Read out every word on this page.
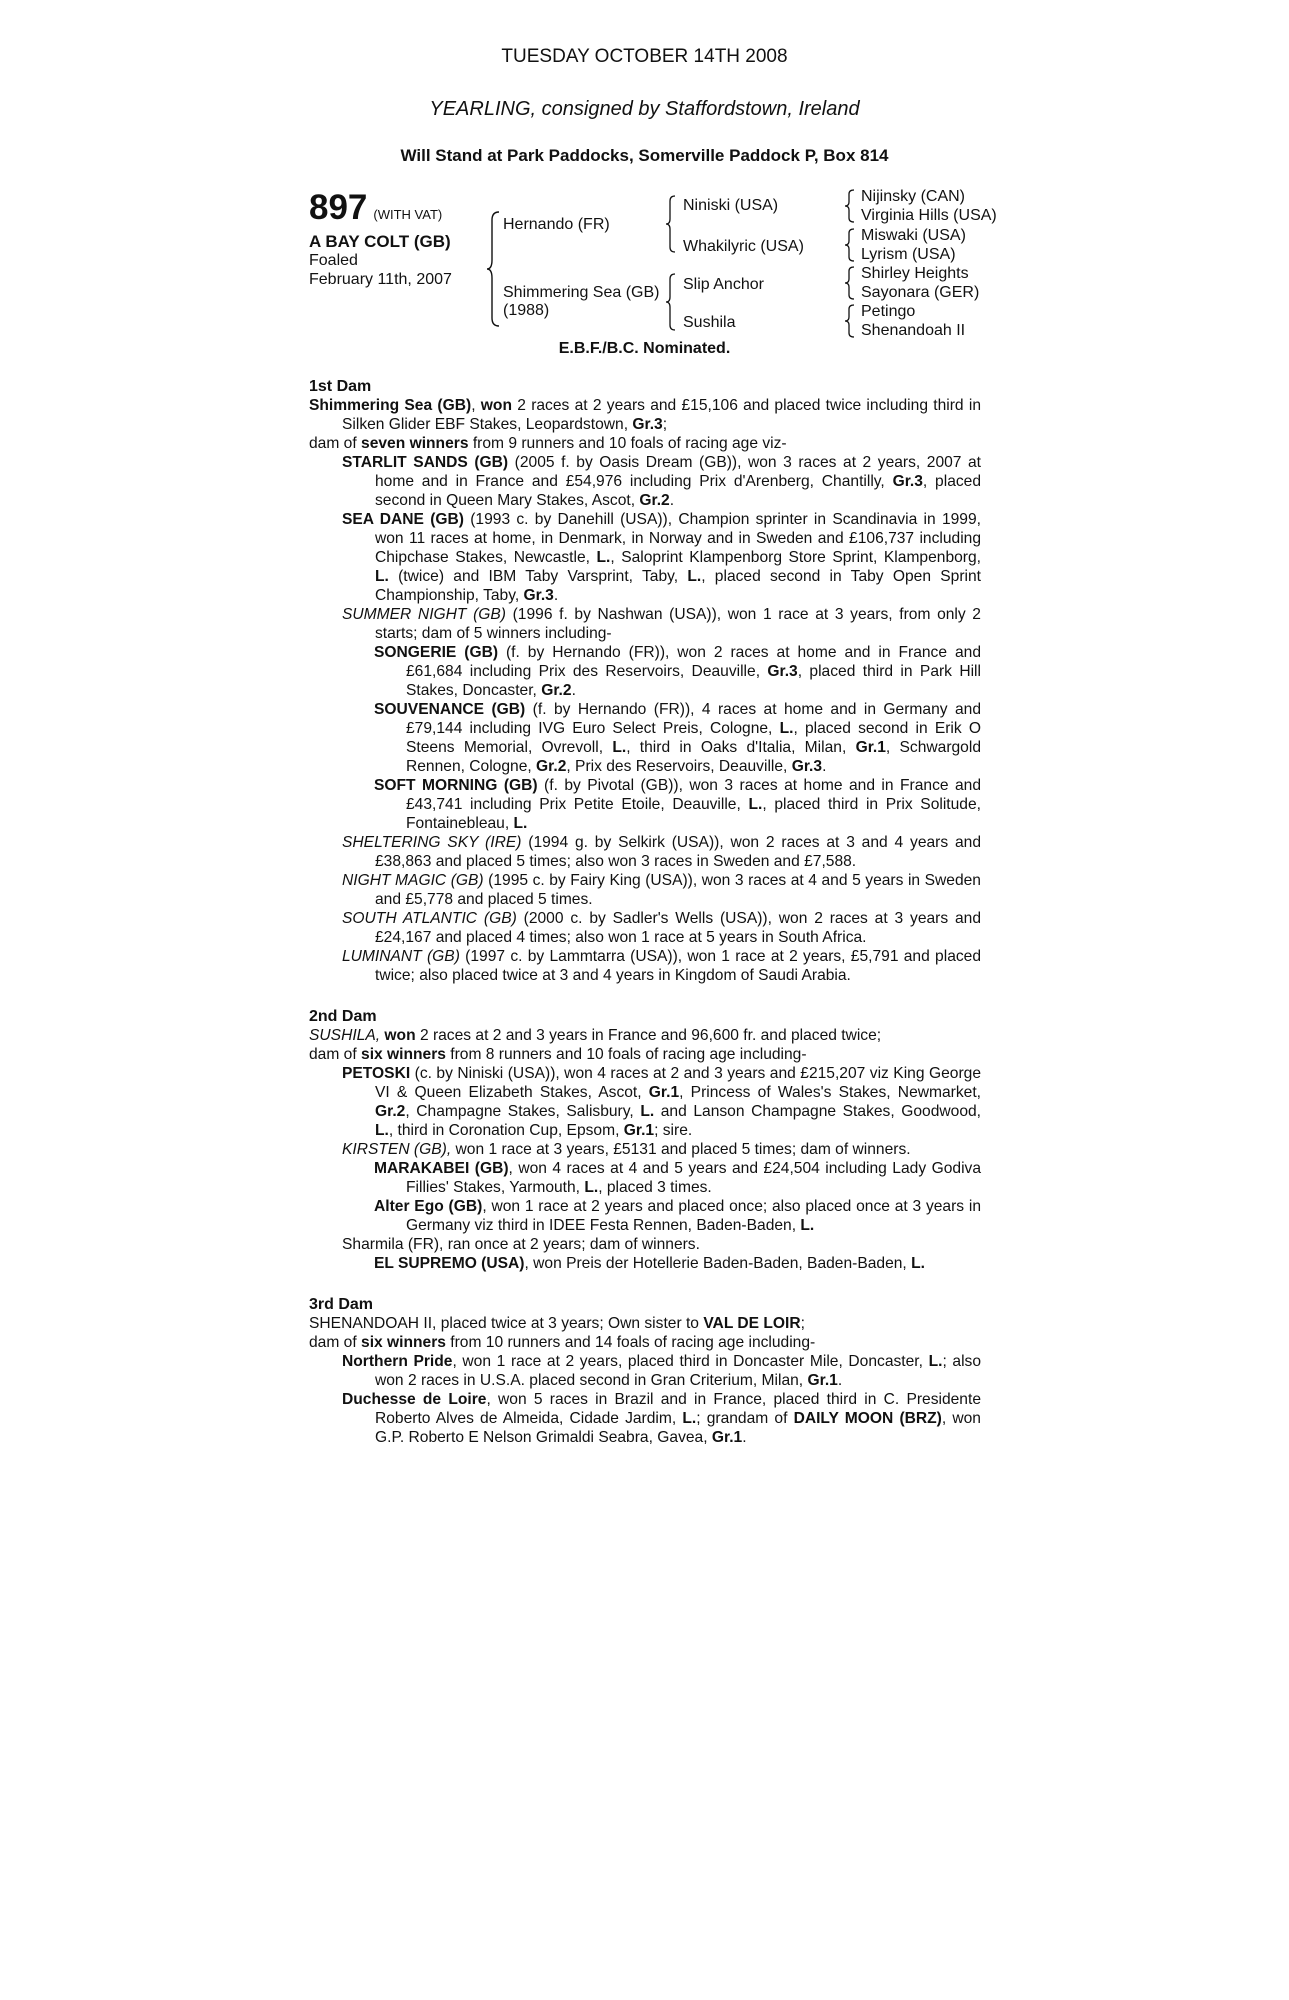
TUESDAY OCTOBER 14TH 2008
YEARLING, consigned by Staffordstown, Ireland
Will Stand at Park Paddocks, Somerville Paddock P, Box 814
897 (WITH VAT)
A BAY COLT (GB)
Foaled
February 11th, 2007
Hernando (FR)
Shimmering Sea (GB)
(1988)
Niniski (USA)
Whakilyric (USA)
Slip Anchor
Sushila
Nijinsky (CAN)
Virginia Hills (USA)
Miswaki (USA)
Lyrism (USA)
Shirley Heights
Sayonara (GER)
Petingo
Shenandoah II
E.B.F./B.C. Nominated.
1st Dam
Shimmering Sea (GB), won 2 races at 2 years and £15,106 and placed twice including third in Silken Glider EBF Stakes, Leopardstown, Gr.3;
dam of seven winners from 9 runners and 10 foals of racing age viz-
STARLIT SANDS (GB) (2005 f. by Oasis Dream (GB)), won 3 races at 2 years, 2007 at home and in France and £54,976 including Prix d'Arenberg, Chantilly, Gr.3, placed second in Queen Mary Stakes, Ascot, Gr.2.
SEA DANE (GB) (1993 c. by Danehill (USA)), Champion sprinter in Scandinavia in 1999, won 11 races at home, in Denmark, in Norway and in Sweden and £106,737 including Chipchase Stakes, Newcastle, L., Saloprint Klampenborg Store Sprint, Klampenborg, L. (twice) and IBM Taby Varsprint, Taby, L., placed second in Taby Open Sprint Championship, Taby, Gr.3.
SUMMER NIGHT (GB) (1996 f. by Nashwan (USA)), won 1 race at 3 years, from only 2 starts; dam of 5 winners including-
SONGERIE (GB) (f. by Hernando (FR)), won 2 races at home and in France and £61,684 including Prix des Reservoirs, Deauville, Gr.3, placed third in Park Hill Stakes, Doncaster, Gr.2.
SOUVENANCE (GB) (f. by Hernando (FR)), 4 races at home and in Germany and £79,144 including IVG Euro Select Preis, Cologne, L., placed second in Erik O Steens Memorial, Ovrevoll, L., third in Oaks d'Italia, Milan, Gr.1, Schwargold Rennen, Cologne, Gr.2, Prix des Reservoirs, Deauville, Gr.3.
SOFT MORNING (GB) (f. by Pivotal (GB)), won 3 races at home and in France and £43,741 including Prix Petite Etoile, Deauville, L., placed third in Prix Solitude, Fontainebleau, L.
SHELTERING SKY (IRE) (1994 g. by Selkirk (USA)), won 2 races at 3 and 4 years and £38,863 and placed 5 times; also won 3 races in Sweden and £7,588.
NIGHT MAGIC (GB) (1995 c. by Fairy King (USA)), won 3 races at 4 and 5 years in Sweden and £5,778 and placed 5 times.
SOUTH ATLANTIC (GB) (2000 c. by Sadler's Wells (USA)), won 2 races at 3 years and £24,167 and placed 4 times; also won 1 race at 5 years in South Africa.
LUMINANT (GB) (1997 c. by Lammtarra (USA)), won 1 race at 2 years, £5,791 and placed twice; also placed twice at 3 and 4 years in Kingdom of Saudi Arabia.
2nd Dam
SUSHILA, won 2 races at 2 and 3 years in France and 96,600 fr. and placed twice;
dam of six winners from 8 runners and 10 foals of racing age including-
PETOSKI (c. by Niniski (USA)), won 4 races at 2 and 3 years and £215,207 viz King George VI & Queen Elizabeth Stakes, Ascot, Gr.1, Princess of Wales's Stakes, Newmarket, Gr.2, Champagne Stakes, Salisbury, L. and Lanson Champagne Stakes, Goodwood, L., third in Coronation Cup, Epsom, Gr.1; sire.
KIRSTEN (GB), won 1 race at 3 years, £5131 and placed 5 times; dam of winners.
MARAKABEI (GB), won 4 races at 4 and 5 years and £24,504 including Lady Godiva Fillies' Stakes, Yarmouth, L., placed 3 times.
Alter Ego (GB), won 1 race at 2 years and placed once; also placed once at 3 years in Germany viz third in IDEE Festa Rennen, Baden-Baden, L.
Sharmila (FR), ran once at 2 years; dam of winners.
EL SUPREMO (USA), won Preis der Hotellerie Baden-Baden, Baden-Baden, L.
3rd Dam
SHENANDOAH II, placed twice at 3 years; Own sister to VAL DE LOIR;
dam of six winners from 10 runners and 14 foals of racing age including-
Northern Pride, won 1 race at 2 years, placed third in Doncaster Mile, Doncaster, L.; also won 2 races in U.S.A. placed second in Gran Criterium, Milan, Gr.1.
Duchesse de Loire, won 5 races in Brazil and in France, placed third in C. Presidente Roberto Alves de Almeida, Cidade Jardim, L.; grandam of DAILY MOON (BRZ), won G.P. Roberto E Nelson Grimaldi Seabra, Gavea, Gr.1.
